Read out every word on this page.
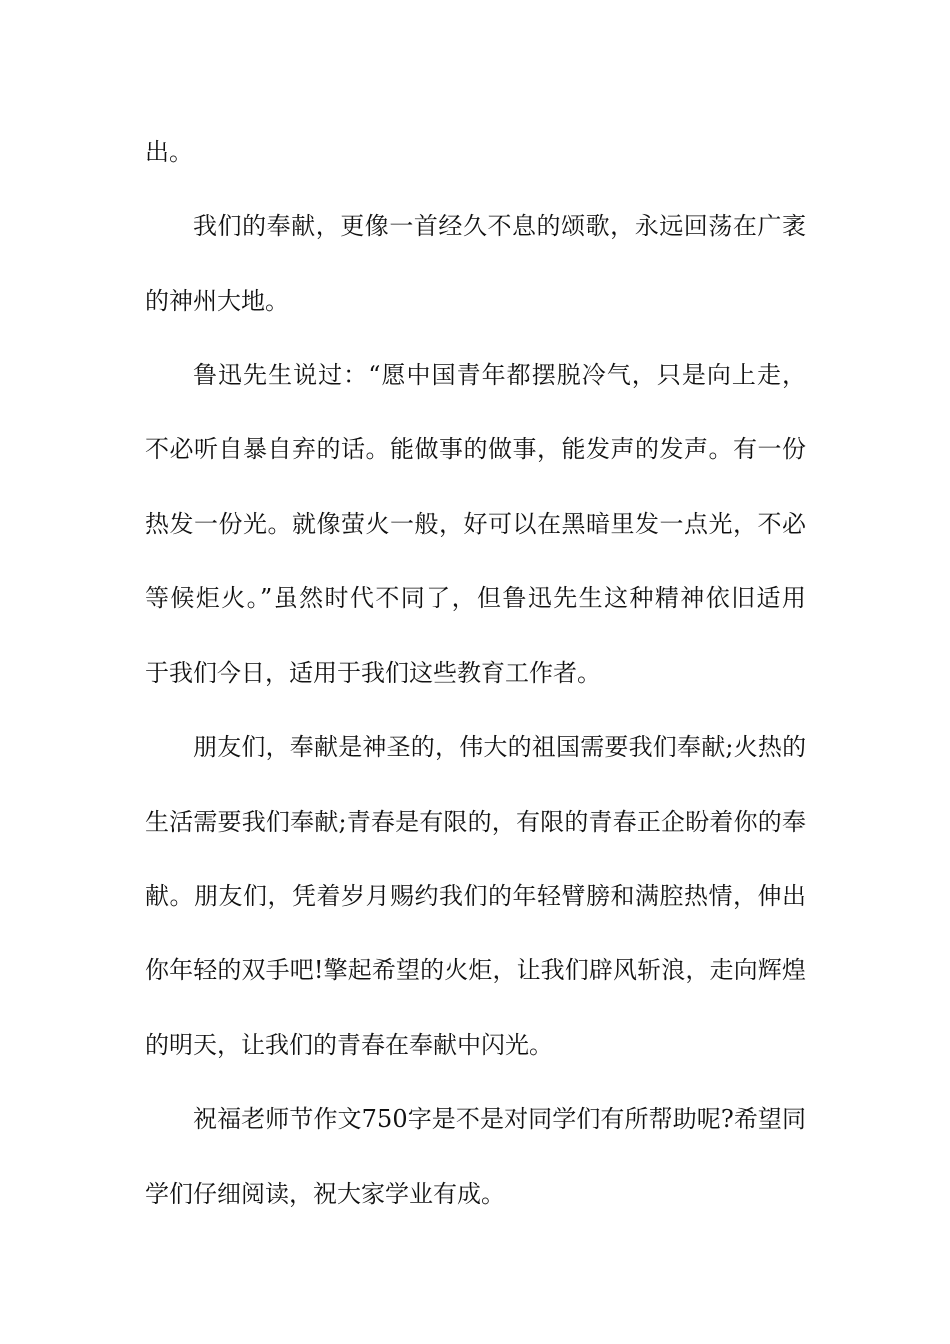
出。
我们的奉献，更像一首经久不息的颂歌，永远回荡在广袤
的神州大地。
鲁迅先生说过：“愿中国青年都摆脱冷气，只是向上走，
不必听自暴自弃的话。能做事的做事，能发声的发声。有一份
热发一份光。就像萤火一般，好可以在黑暗里发一点光，不必
等候炬火。”虽然时代不同了，但鲁迅先生这种精神依旧适用
于我们今日，适用于我们这些教育工作者。
朋友们，奉献是神圣的，伟大的祖国需要我们奉献;火热的
生活需要我们奉献;青春是有限的，有限的青春正企盼着你的奉
献。朋友们，凭着岁月赐约我们的年轻臂膀和满腔热情，伸出
你年轻的双手吧!擎起希望的火炬，让我们辟风斩浪，走向辉煌
的明天，让我们的青春在奉献中闪光。
祝福老师节作文750字是不是对同学们有所帮助呢?希望同
学们仔细阅读，祝大家学业有成。
